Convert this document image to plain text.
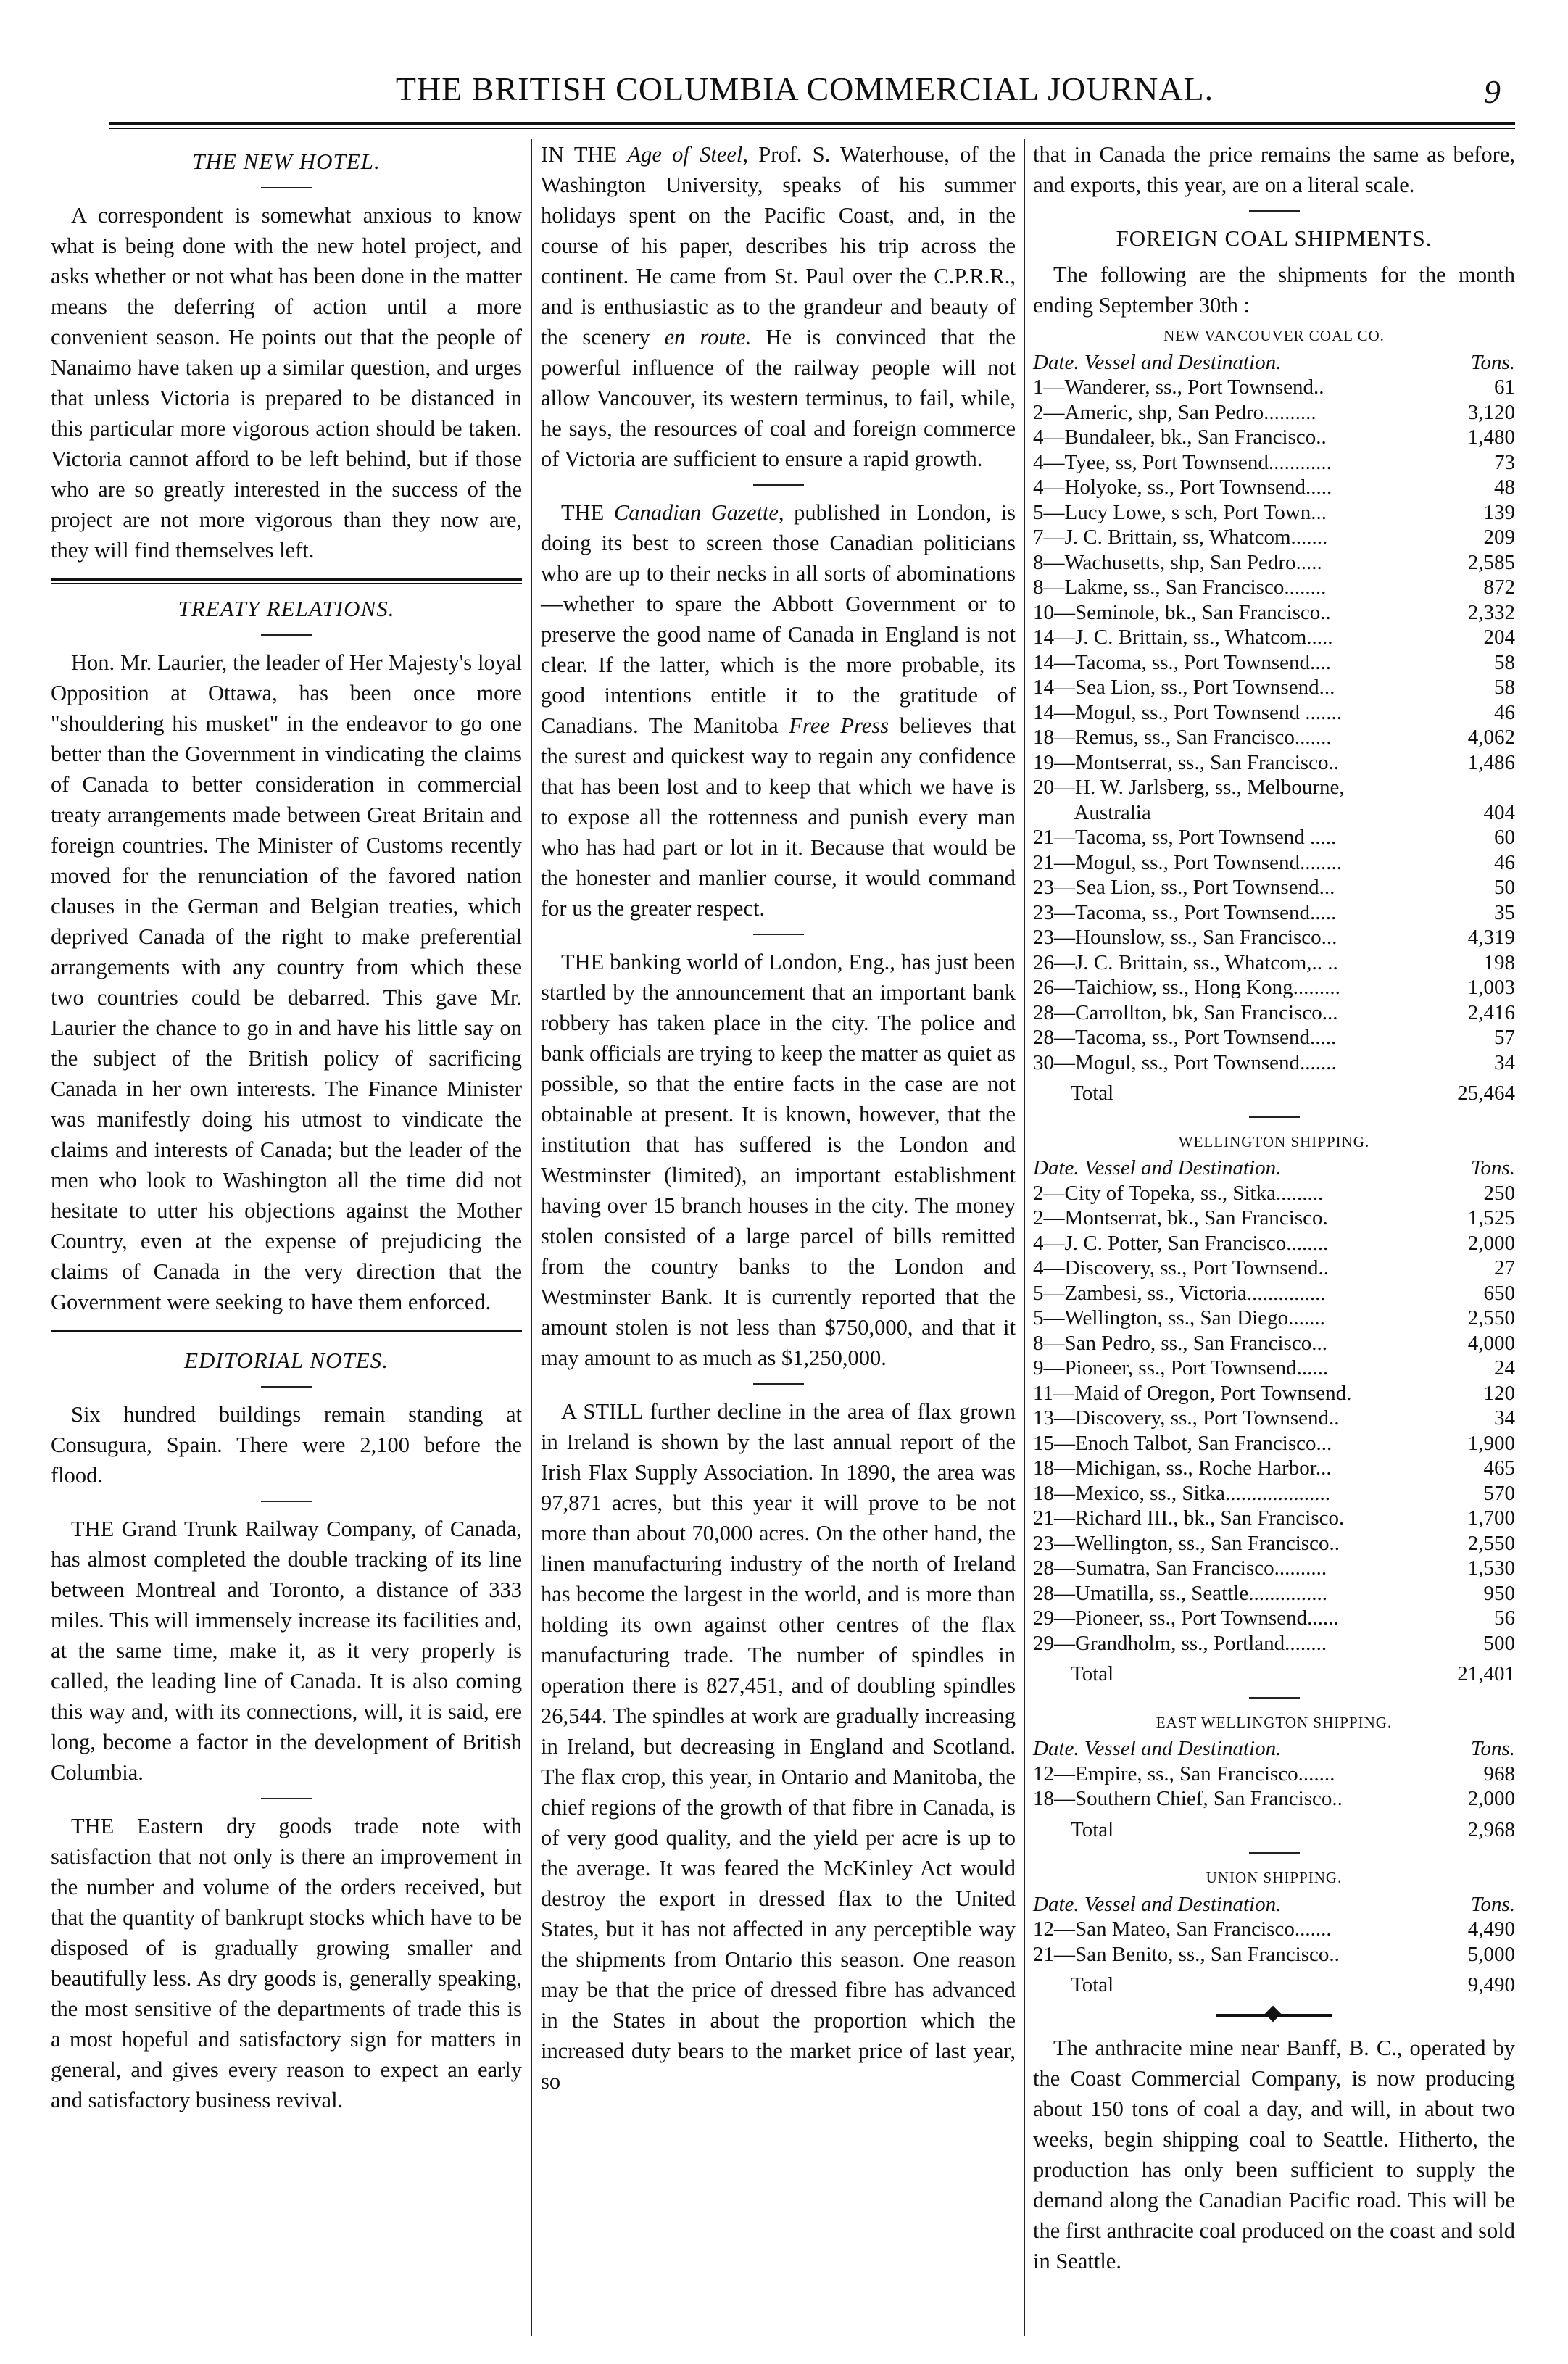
THE BRITISH COLUMBIA COMMERCIAL JOURNAL.	9
THE NEW HOTEL.

A correspondent is somewhat anxious to know what is being done with the new hotel project, and asks whether or not what has been done in the matter means the deferring of action until a more convenient season. He points out that the people of Nanaimo have taken up a similar question, and urges that unless Victoria is prepared to be distanced in this particular more vigorous action should be taken. Victoria cannot afford to be left behind, but if those who are so greatly interested in the success of the project are not more vigorous than they now are, they will find themselves left.

TREATY RELATIONS.

Hon. Mr. Laurier, the leader of Her Majesty's loyal Opposition at Ottawa, has been once more "shouldering his musket" in the endeavor to go one better than the Government in vindicating the claims of Canada to better consideration in commercial treaty arrangements made between Great Britain and foreign countries. The Minister of Customs recently moved for the renunciation of the favored nation clauses in the German and Belgian treaties, which deprived Canada of the right to make preferential arrangements with any country from which these two countries could be debarred. This gave Mr. Laurier the chance to go in and have his little say on the subject of the British policy of sacrificing Canada in her own interests. The Finance Minister was manifestly doing his utmost to vindicate the claims and interests of Canada; but the leader of the men who look to Washington all the time did not hesitate to utter his objections against the Mother Country, even at the expense of prejudicing the claims of Canada in the very direction that the Government were seeking to have them enforced.

EDITORIAL NOTES.

Six hundred buildings remain standing at Consugura, Spain. There were 2,100 before the flood.

THE Grand Trunk Railway Company, of Canada, has almost completed the double tracking of its line between Montreal and Toronto, a distance of 333 miles. This will immensely increase its facilities and, at the same time, make it, as it very properly is called, the leading line of Canada. It is also coming this way and, with its connections, will, it is said, ere long, become a factor in the development of British Columbia.

THE Eastern dry goods trade note with satisfaction that not only is there an improvement in the number and volume of the orders received, but that the quantity of bankrupt stocks which have to be disposed of is gradually growing smaller and beautifully less. As dry goods is, generally speaking, the most sensitive of the departments of trade this is a most hopeful and satisfactory sign for matters in general, and gives every reason to expect an early and satisfactory business revival.

IN THE Age of Steel, Prof. S. Waterhouse, of the Washington University, speaks of his summer holidays spent on the Pacific Coast, and, in the course of his paper, describes his trip across the continent. He came from St. Paul over the C.P.R.R., and is enthusiastic as to the grandeur and beauty of the scenery en route. He is convinced that the powerful influence of the railway people will not allow Vancouver, its western terminus, to fail, while, he says, the resources of coal and foreign commerce of Victoria are sufficient to ensure a rapid growth.

THE Canadian Gazette, published in London, is doing its best to screen those Canadian politicians who are up to their necks in all sorts of abominations—whether to spare the Abbott Government or to preserve the good name of Canada in England is not clear. If the latter, which is the more probable, its good intentions entitle it to the gratitude of Canadians. The Manitoba Free Press believes that the surest and quickest way to regain any confidence that has been lost and to keep that which we have is to expose all the rottenness and punish every man who has had part or lot in it. Because that would be the honester and manlier course, it would command for us the greater respect.

THE banking world of London, Eng., has just been startled by the announcement that an important bank robbery has taken place in the city. The police and bank officials are trying to keep the matter as quiet as possible, so that the entire facts in the case are not obtainable at present. It is known, however, that the institution that has suffered is the London and Westminster (limited), an important establishment having over 15 branch houses in the city. The money stolen consisted of a large parcel of bills remitted from the country banks to the London and Westminster Bank. It is currently reported that the amount stolen is not less than $750,000, and that it may amount to as much as $1,250,000.

A STILL further decline in the area of flax grown in Ireland is shown by the last annual report of the Irish Flax Supply Association. In 1890, the area was 97,871 acres, but this year it will prove to be not more than about 70,000 acres. On the other hand, the linen manufacturing industry of the north of Ireland has become the largest in the world, and is more than holding its own against other centres of the flax manufacturing trade. The number of spindles in operation there is 827,451, and of doubling spindles 26,544. The spindles at work are gradually increasing in Ireland, but decreasing in England and Scotland. The flax crop, this year, in Ontario and Manitoba, the chief regions of the growth of that fibre in Canada, is of very good quality, and the yield per acre is up to the average. It was feared the McKinley Act would destroy the export in dressed flax to the United States, but it has not affected in any perceptible way the shipments from Ontario this season. One reason may be that the price of dressed fibre has advanced in the States in about the proportion which the increased duty bears to the market price of last year, so

that in Canada the price remains the same as before, and exports, this year, are on a literal scale.

FOREIGN COAL SHIPMENTS.

The following are the shipments for the month ending September 30th :

NEW VANCOUVER COAL CO.
Date. Vessel and Destination.	Tons.
1—Wanderer, ss., Port Townsend..	61
2—Americ, shp, San Pedro..........	3,120
4—Bundaleer, bk., San Francisco..	1,480
4—Tyee, ss, Port Townsend............	73
4—Holyoke, ss., Port Townsend.....	48
5—Lucy Lowe, s sch, Port Town...	139
7—J. C. Brittain, ss, Whatcom.......	209
8—Wachusetts, shp, San Pedro.....	2,585
8—Lakme, ss., San Francisco........	872
10—Seminole, bk., San Francisco..	2,332
14—J. C. Brittain, ss., Whatcom.....	204
14—Tacoma, ss., Port Townsend....	58
14—Sea Lion, ss., Port Townsend...	58
14—Mogul, ss., Port Townsend .......	46
18—Remus, ss., San Francisco.......	4,062
19—Montserrat, ss., San Francisco..	1,486
20—H. W. Jarlsberg, ss., Melbourne,
Australia	404
21—Tacoma, ss, Port Townsend .....	60
21—Mogul, ss., Port Townsend........	46
23—Sea Lion, ss., Port Townsend...	50
23—Tacoma, ss., Port Townsend.....	35
23—Hounslow, ss., San Francisco...	4,319
26—J. C. Brittain, ss., Whatcom,.. ..	198
26—Taichiow, ss., Hong Kong.........	1,003
28—Carrollton, bk, San Francisco...	2,416
28—Tacoma, ss., Port Townsend.....	57
30—Mogul, ss., Port Townsend.......	34
Total	25,464
WELLINGTON SHIPPING.
Date. Vessel and Destination.	Tons.
2—City of Topeka, ss., Sitka.........	250
2—Montserrat, bk., San Francisco.	1,525
4—J. C. Potter, San Francisco........	2,000
4—Discovery, ss., Port Townsend..	27
5—Zambesi, ss., Victoria...............	650
5—Wellington, ss., San Diego.......	2,550
8—San Pedro, ss., San Francisco...	4,000
9—Pioneer, ss., Port Townsend......	24
11—Maid of Oregon, Port Townsend.	120
13—Discovery, ss., Port Townsend..	34
15—Enoch Talbot, San Francisco...	1,900
18—Michigan, ss., Roche Harbor...	465
18—Mexico, ss., Sitka....................	570
21—Richard III., bk., San Francisco.	1,700
23—Wellington, ss., San Francisco..	2,550
28—Sumatra, San Francisco..........	1,530
28—Umatilla, ss., Seattle...............	950
29—Pioneer, ss., Port Townsend......	56
29—Grandholm, ss., Portland........	500
Total	21,401
EAST WELLINGTON SHIPPING.
Date. Vessel and Destination.	Tons.
12—Empire, ss., San Francisco.......	968
18—Southern Chief, San Francisco..	2,000
Total	2,968
UNION SHIPPING.
Date. Vessel and Destination.	Tons.
12—San Mateo, San Francisco.......	4,490
21—San Benito, ss., San Francisco..	5,000
Total	9,490

The anthracite mine near Banff, B. C., operated by the Coast Commercial Company, is now producing about 150 tons of coal a day, and will, in about two weeks, begin shipping coal to Seattle. Hitherto, the production has only been sufficient to supply the demand along the Canadian Pacific road. This will be the first anthracite coal produced on the coast and sold in Seattle.
